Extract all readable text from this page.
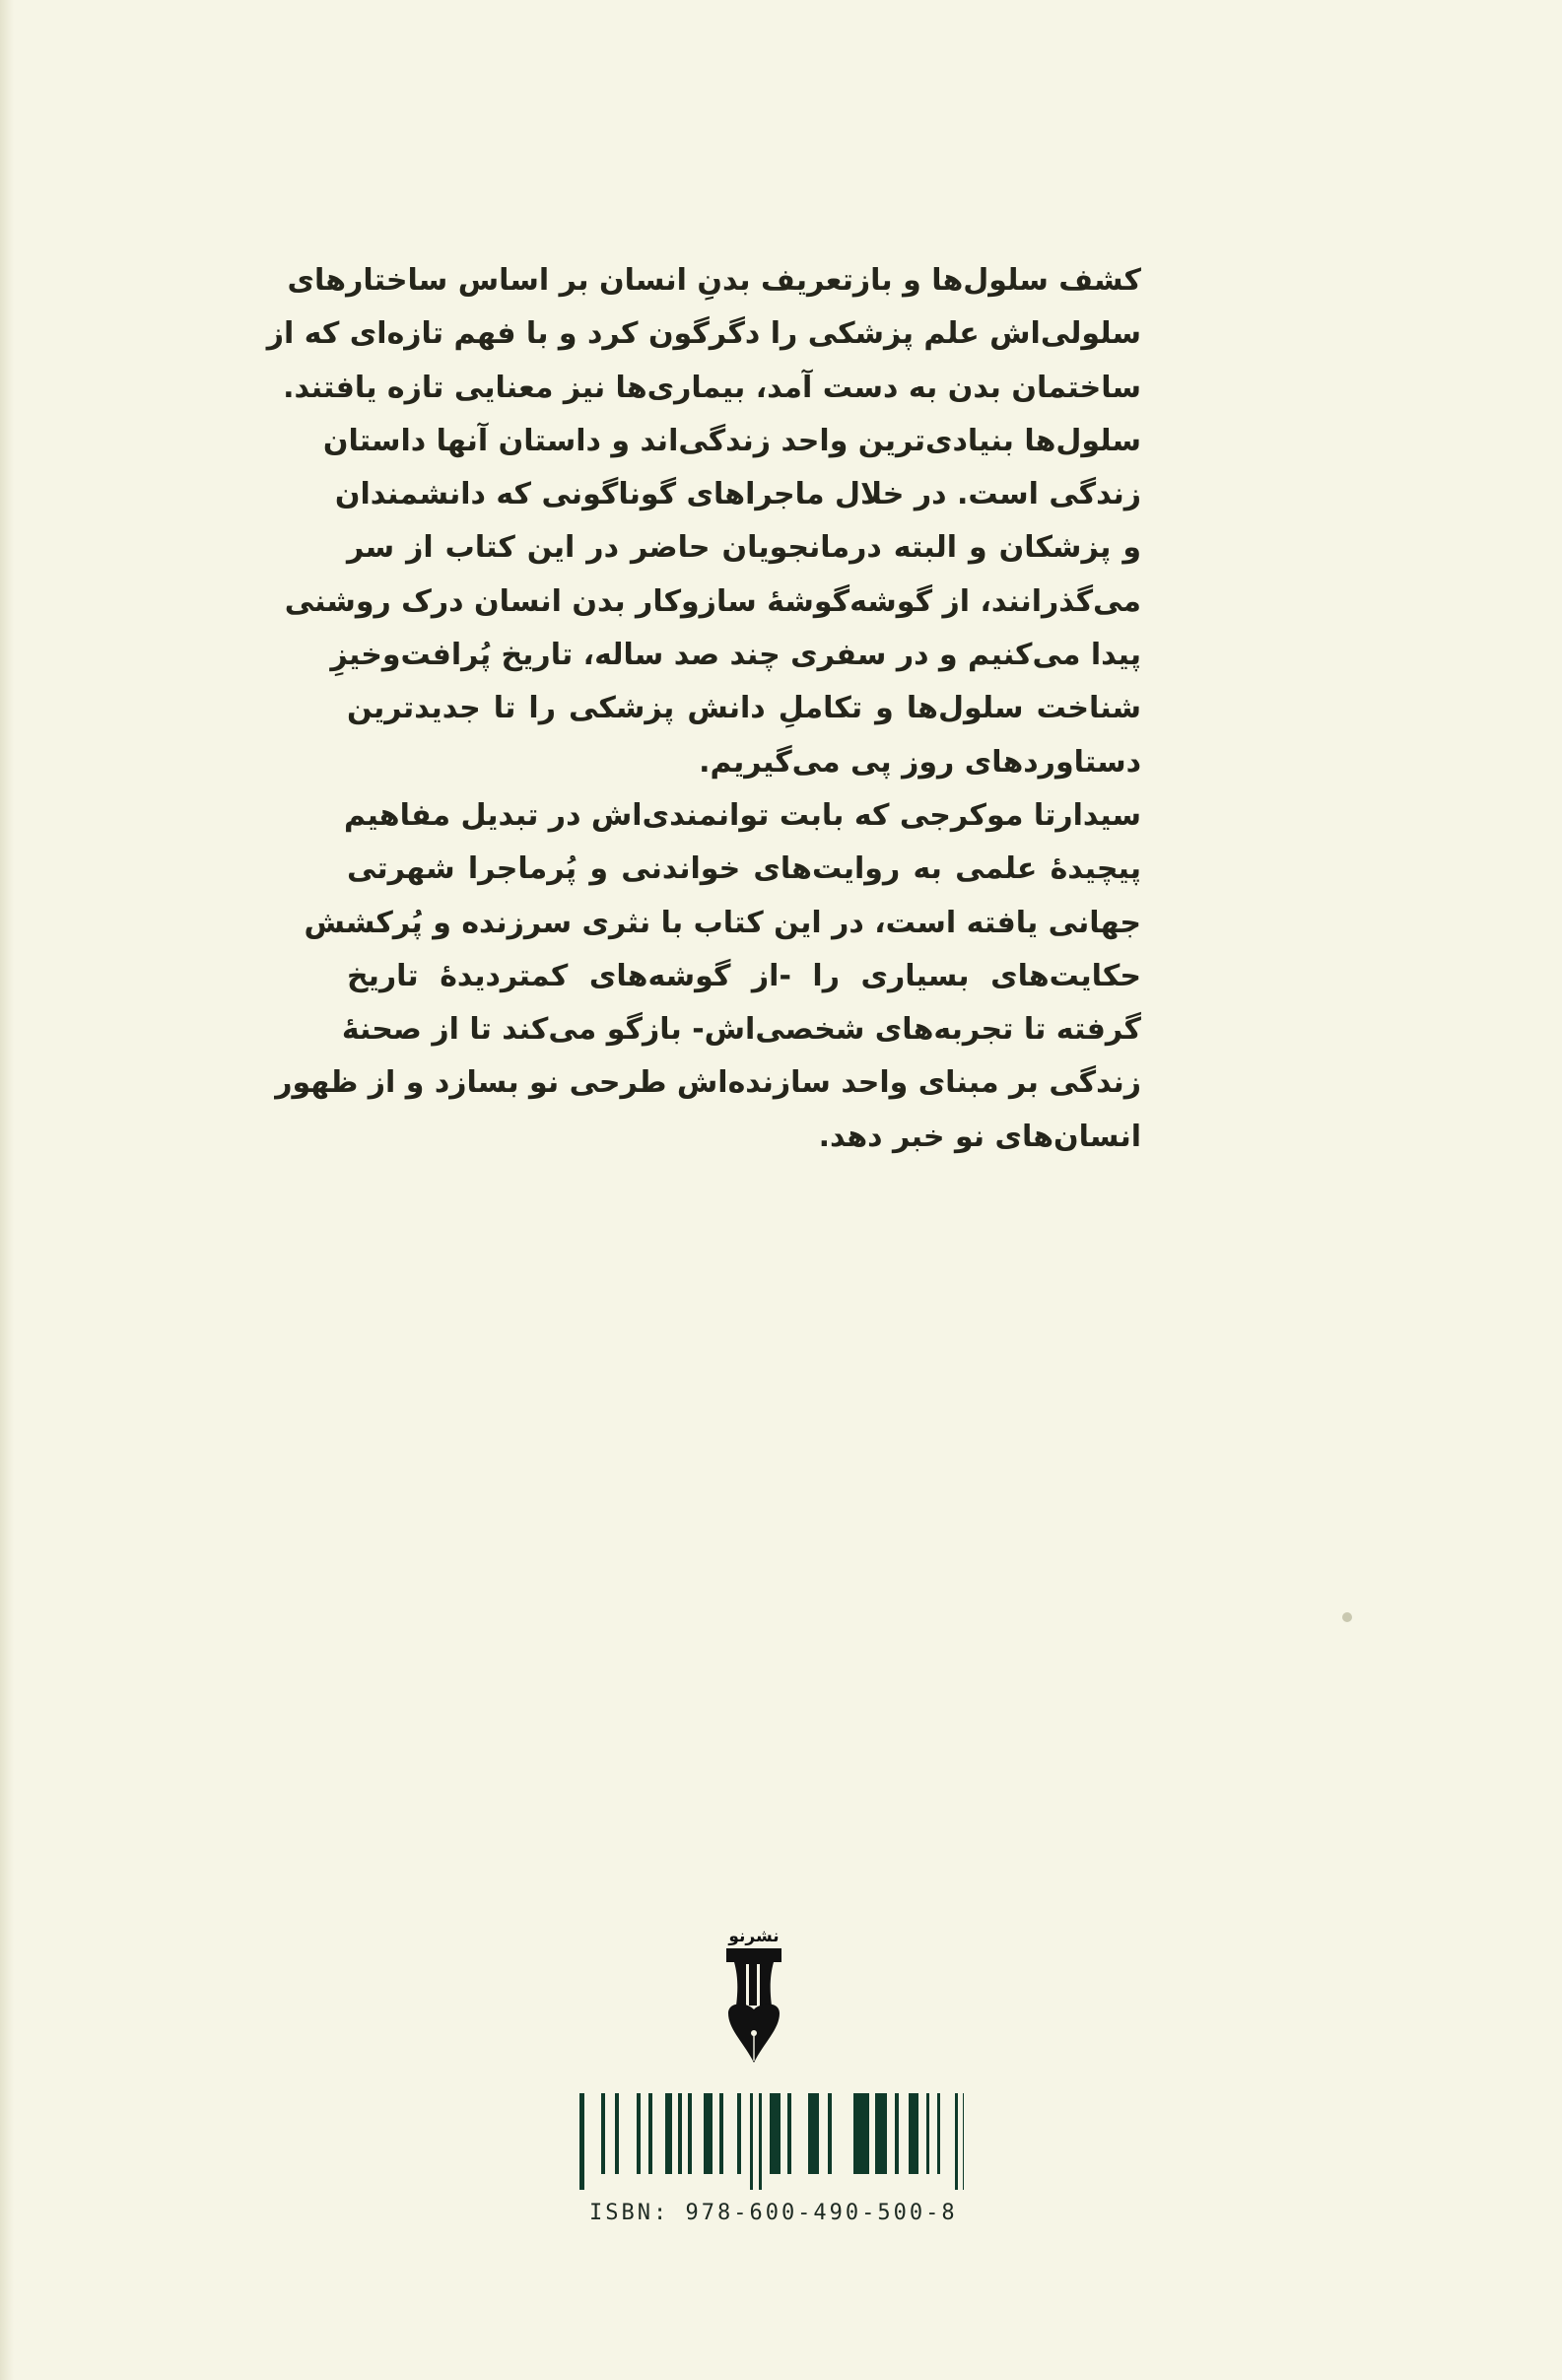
کشف سلول‌ها و بازتعریف بدنِ انسان بر اساس ساختارهای
سلولی‌اش علم پزشکی را دگرگون کرد و با فهم تازه‌ای که از
ساختمان بدن به دست آمد، بیماری‌ها نیز معنایی تازه یافتند.
سلول‌ها بنیادی‌ترین واحد زندگی‌اند و داستان آنها داستان
زندگی است. در خلال ماجراهای گوناگونی که دانشمندان
و پزشکان و البته درمانجویان حاضر در این کتاب از سر
می‌گذرانند، از گوشه‌گوشهٔ سازوکار بدن انسان درک روشنی
پیدا می‌کنیم و در سفری چند صد ساله، تاریخ پُرافت‌وخیزِ
شناخت سلول‌ها و تکاملِ دانش پزشکی را تا جدیدترین
دستاوردهای روز پی می‌گیریم.
سیدارتا موکرجی که بابت توانمندی‌اش در تبدیل مفاهیم
پیچیدهٔ علمی به روایت‌های خواندنی و پُرماجرا شهرتی
جهانی یافته است، در این کتاب با نثری سرزنده و پُرکشش
حکایت‌های بسیاری را -از گوشه‌های کمتردیدهٔ تاریخ
گرفته تا تجربه‌های شخصی‌اش- بازگو می‌کند تا از صحنهٔ
زندگی بر مبنای واحد سازنده‌اش طرحی نو بسازد و از ظهور
انسان‌های نو خبر دهد.
نشرنو
ISBN: 978-600-490-500-8
